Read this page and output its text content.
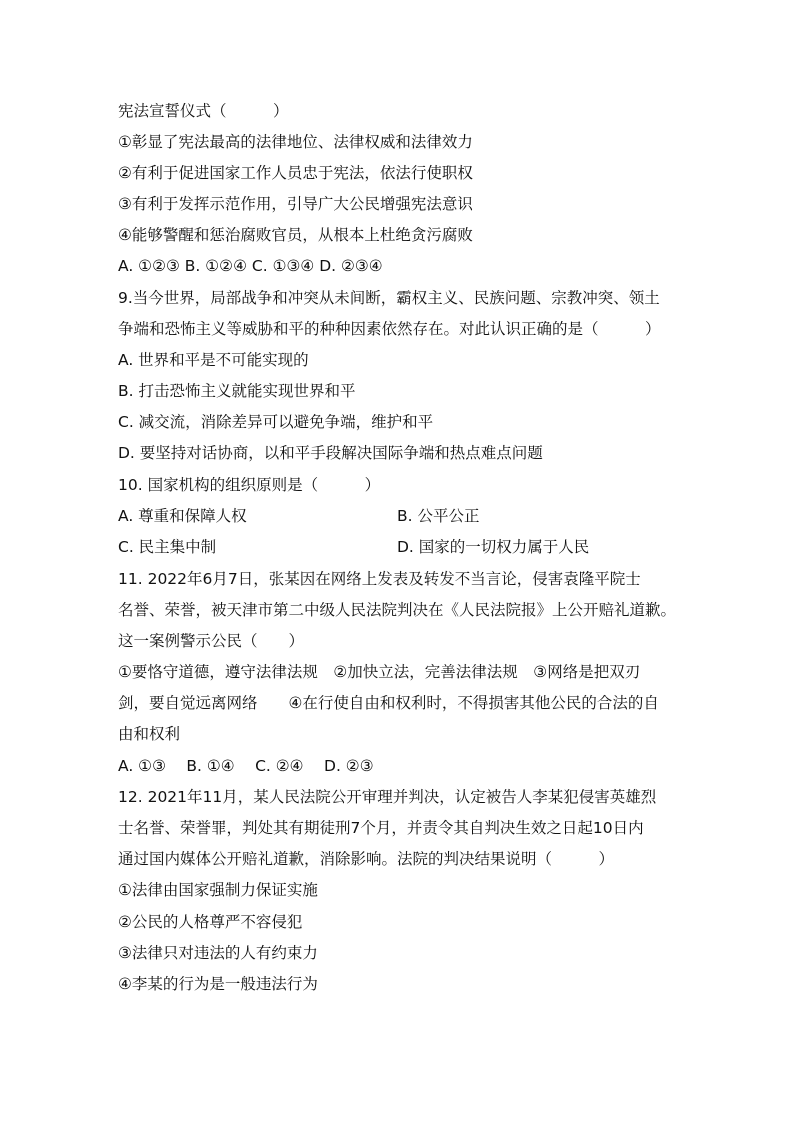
宪法宣誓仪式（　　　）
①彰显了宪法最高的法律地位、法律权威和法律效力
②有利于促进国家工作人员忠于宪法，依法行使职权
③有利于发挥示范作用，引导广大公民增强宪法意识
④能够警醒和惩治腐败官员，从根本上杜绝贪污腐败
A. ①②③ B. ①②④ C. ①③④ D. ②③④
9.当今世界，局部战争和冲突从未间断，霸权主义、民族问题、宗教冲突、领土
争端和恐怖主义等威胁和平的种种因素依然存在。对此认识正确的是（　　　）
A. 世界和平是不可能实现的
B. 打击恐怖主义就能实现世界和平
C. 减交流，消除差异可以避免争端，维护和平
D. 要坚持对话协商，以和平手段解决国际争端和热点难点问题
10. 国家机构的组织原则是（　　　）
A. 尊重和保障人权	B. 公平公正
C. 民主集中制	D. 国家的一切权力属于人民
11. 2022年6月7日，张某因在网络上发表及转发不当言论，侵害袁隆平院士
名誉、荣誉，被天津市第二中级人民法院判决在《人民法院报》上公开赔礼道歉。
这一案例警示公民（　　）
①要恪守道德，遵守法律法规　②加快立法，完善法律法规　③网络是把双刃
剑，要自觉远离网络　　④在行使自由和权利时，不得损害其他公民的合法的自
由和权利
A. ①③　 B. ①④　 C. ②④　 D. ②③
12. 2021年11月，某人民法院公开审理并判决，认定被告人李某犯侵害英雄烈
士名誉、荣誉罪，判处其有期徒刑7个月，并责令其自判决生效之日起10日内
通过国内媒体公开赔礼道歉，消除影响。法院的判决结果说明（　　　）
①法律由国家强制力保证实施
②公民的人格尊严不容侵犯
③法律只对违法的人有约束力
④李某的行为是一般违法行为
